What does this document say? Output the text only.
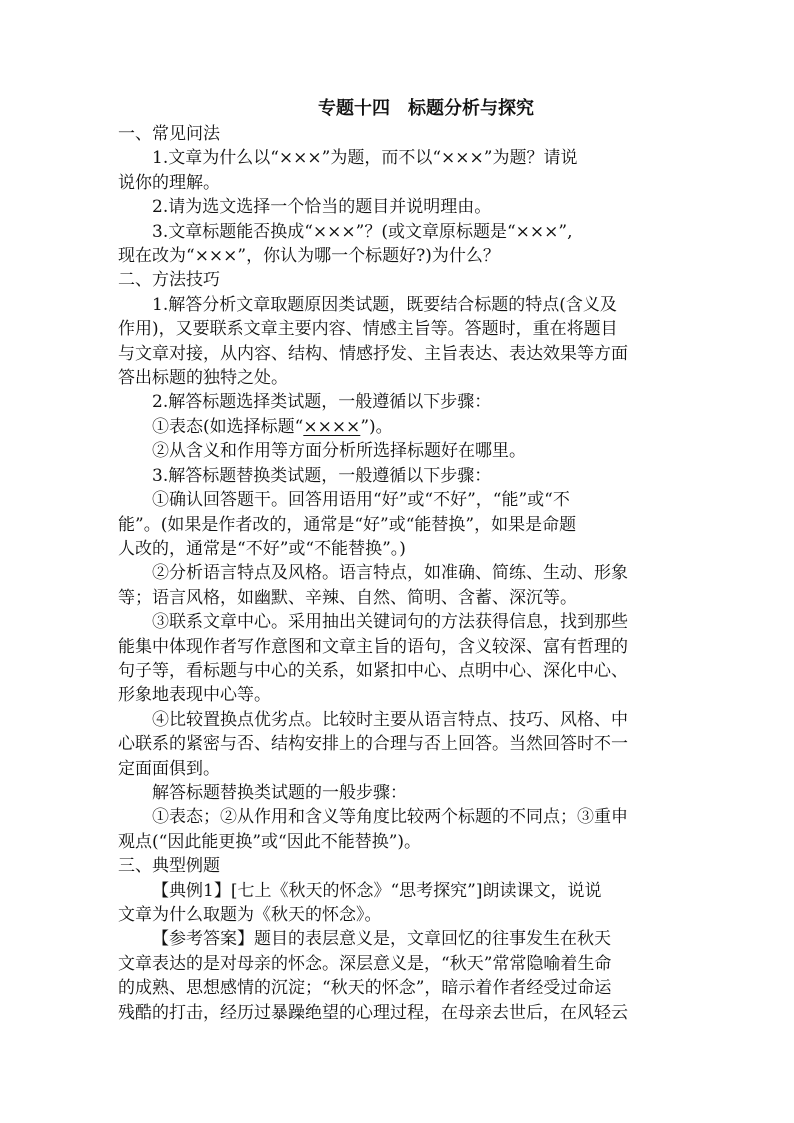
专题十四　标题分析与探究
一、常见问法
1.文章为什么以“×××”为题，而不以“×××”为题？请说
说你的理解。
2.请为选文选择一个恰当的题目并说明理由。
3.文章标题能否换成“×××”？(或文章原标题是“×××”,
现在改为“×××”，你认为哪一个标题好?)为什么？
二、方法技巧
1.解答分析文章取题原因类试题，既要结合标题的特点(含义及
作用)，又要联系文章主要内容、情感主旨等。答题时，重在将题目
与文章对接，从内容、结构、情感抒发、主旨表达、表达效果等方面
答出标题的独特之处。
2.解答标题选择类试题，一般遵循以下步骤：
①表态(如选择标题“××××”)。
②从含义和作用等方面分析所选择标题好在哪里。
3.解答标题替换类试题，一般遵循以下步骤：
①确认回答题干。回答用语用“好”或“不好”，“能”或“不
能”。(如果是作者改的，通常是“好”或“能替换”，如果是命题
人改的，通常是“不好”或“不能替换”。)
②分析语言特点及风格。语言特点，如准确、简练、生动、形象
等；语言风格，如幽默、辛辣、自然、简明、含蓄、深沉等。
③联系文章中心。采用抽出关键词句的方法获得信息，找到那些
能集中体现作者写作意图和文章主旨的语句，含义较深、富有哲理的
句子等，看标题与中心的关系，如紧扣中心、点明中心、深化中心、
形象地表现中心等。
④比较置换点优劣点。比较时主要从语言特点、技巧、风格、中
心联系的紧密与否、结构安排上的合理与否上回答。当然回答时不一
定面面俱到。
解答标题替换类试题的一般步骤：
①表态；②从作用和含义等角度比较两个标题的不同点；③重申
观点(“因此能更换”或“因此不能替换”)。
三、典型例题
【典例1】[七上《秋天的怀念》“思考探究”]朗读课文，说说
文章为什么取题为《秋天的怀念》。
【参考答案】题目的表层意义是，文章回忆的往事发生在秋天
文章表达的是对母亲的怀念。深层意义是，“秋天”常常隐喻着生命
的成熟、思想感情的沉淀；“秋天的怀念”，暗示着作者经受过命运
残酷的打击，经历过暴躁绝望的心理过程，在母亲去世后，在风轻云
